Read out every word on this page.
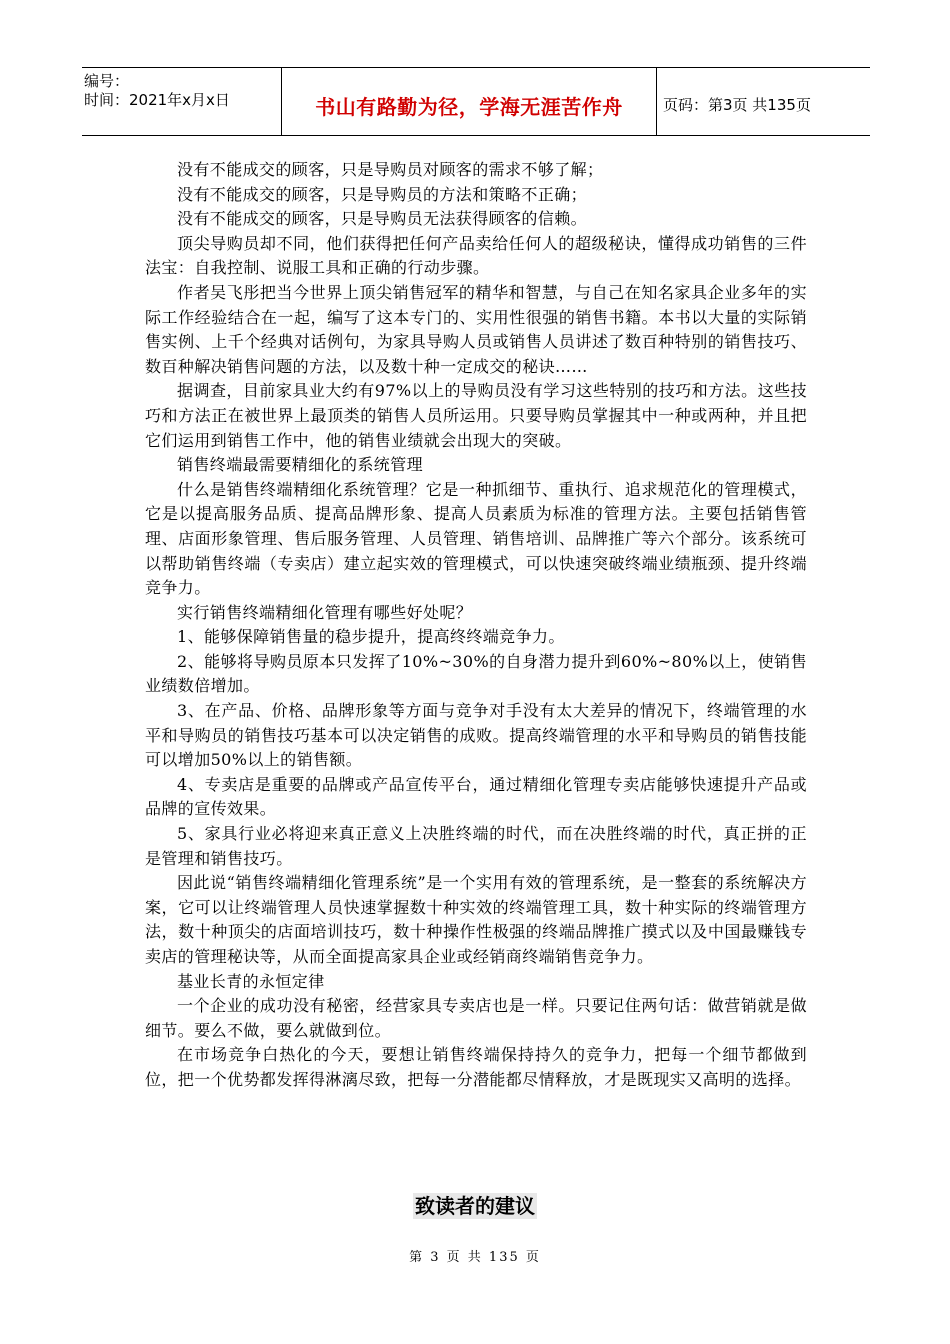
编号：
时间：2021年x月x日	书山有路勤为径，学海无涯苦作舟	页码：第3页 共135页

没有不能成交的顾客，只是导购员对顾客的需求不够了解；

没有不能成交的顾客，只是导购员的方法和策略不正确；

没有不能成交的顾客，只是导购员无法获得顾客的信赖。

顶尖导购员却不同，他们获得把任何产品卖给任何人的超级秘诀，懂得成功销售的三件法宝：自我控制、说服工具和正确的行动步骤。

作者吴飞彤把当今世界上顶尖销售冠军的精华和智慧，与自己在知名家具企业多年的实际工作经验结合在一起，编写了这本专门的、实用性很强的销售书籍。本书以大量的实际销售实例、上千个经典对话例句，为家具导购人员或销售人员讲述了数百种特别的销售技巧、数百种解决销售问题的方法，以及数十种一定成交的秘诀……

据调查，目前家具业大约有97%以上的导购员没有学习这些特别的技巧和方法。这些技巧和方法正在被世界上最顶类的销售人员所运用。只要导购员掌握其中一种或两种，并且把它们运用到销售工作中，他的销售业绩就会出现大的突破。

销售终端最需要精细化的系统管理

什么是销售终端精细化系统管理？它是一种抓细节、重执行、追求规范化的管理模式，它是以提高服务品质、提高品牌形象、提高人员素质为标准的管理方法。主要包括销售管理、店面形象管理、售后服务管理、人员管理、销售培训、品牌推广等六个部分。该系统可以帮助销售终端（专卖店）建立起实效的管理模式，可以快速突破终端业绩瓶颈、提升终端竞争力。

实行销售终端精细化管理有哪些好处呢？

1、能够保障销售量的稳步提升，提高终终端竞争力。

2、能够将导购员原本只发挥了10%~30%的自身潜力提升到60%~80%以上，使销售业绩数倍增加。

3、在产品、价格、品牌形象等方面与竞争对手没有太大差异的情况下，终端管理的水平和导购员的销售技巧基本可以决定销售的成败。提高终端管理的水平和导购员的销售技能可以增加50%以上的销售额。

4、专卖店是重要的品牌或产品宣传平台，通过精细化管理专卖店能够快速提升产品或品牌的宣传效果。

5、家具行业必将迎来真正意义上决胜终端的时代，而在决胜终端的时代，真正拼的正是管理和销售技巧。

因此说“销售终端精细化管理系统”是一个实用有效的管理系统，是一整套的系统解决方案，它可以让终端管理人员快速掌握数十种实效的终端管理工具，数十种实际的终端管理方法，数十种顶尖的店面培训技巧，数十种操作性极强的终端品牌推广摸式以及中国最赚钱专卖店的管理秘诀等，从而全面提高家具企业或经销商终端销售竞争力。

基业长青的永恒定律

一个企业的成功没有秘密，经营家具专卖店也是一样。只要记住两句话：做营销就是做细节。要么不做，要么就做到位。

在市场竞争白热化的今天，要想让销售终端保持持久的竞争力，把每一个细节都做到位，把一个优势都发挥得淋漓尽致，把每一分潜能都尽情释放，才是既现实又高明的选择。

致读者的建议
第 3 页 共 135 页
